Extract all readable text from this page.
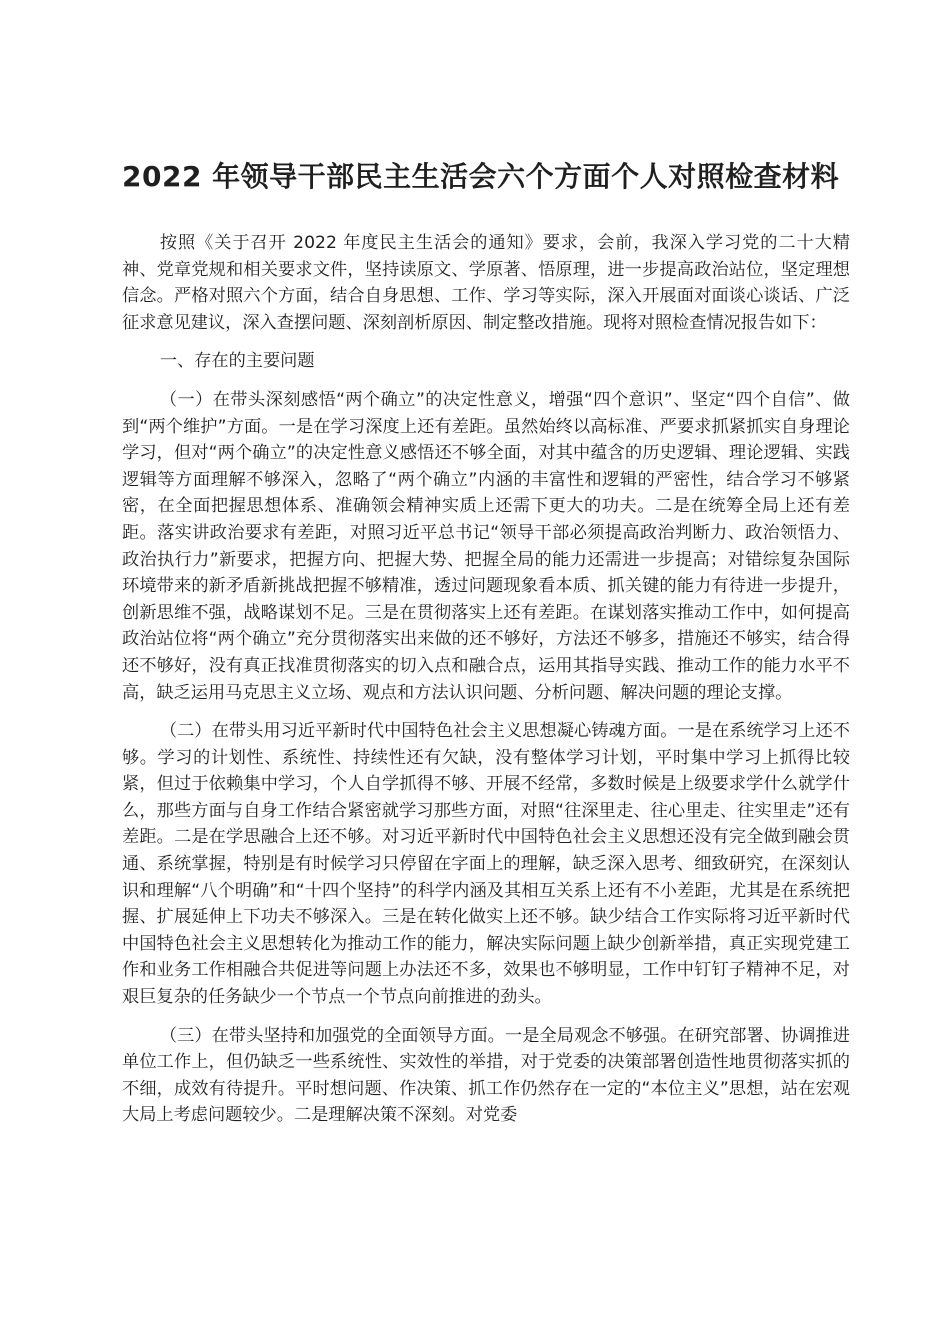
2022 年领导干部民主生活会六个方面个人对照检查材料

按照《关于召开 2022 年度民主生活会的通知》要求，会前，我深入学习党的二十大精神、党章党规和相关要求文件，坚持读原文、学原著、悟原理，进一步提高政治站位，坚定理想信念。严格对照六个方面，结合自身思想、工作、学习等实际，深入开展面对面谈心谈话、广泛征求意见建议，深入查摆问题、深刻剖析原因、制定整改措施。现将对照检查情况报告如下：

一、存在的主要问题

（一）在带头深刻感悟“两个确立”的决定性意义，增强“四个意识”、坚定“四个自信”、做到“两个维护”方面。一是在学习深度上还有差距。虽然始终以高标准、严要求抓紧抓实自身理论学习，但对“两个确立”的决定性意义感悟还不够全面，对其中蕴含的历史逻辑、理论逻辑、实践逻辑等方面理解不够深入，忽略了“两个确立”内涵的丰富性和逻辑的严密性，结合学习不够紧密，在全面把握思想体系、准确领会精神实质上还需下更大的功夫。二是在统筹全局上还有差距。落实讲政治要求有差距，对照习近平总书记“领导干部必须提高政治判断力、政治领悟力、政治执行力”新要求，把握方向、把握大势、把握全局的能力还需进一步提高；对错综复杂国际环境带来的新矛盾新挑战把握不够精准，透过问题现象看本质、抓关键的能力有待进一步提升，创新思维不强，战略谋划不足。三是在贯彻落实上还有差距。在谋划落实推动工作中，如何提高政治站位将“两个确立”充分贯彻落实出来做的还不够好，方法还不够多，措施还不够实，结合得还不够好，没有真正找准贯彻落实的切入点和融合点，运用其指导实践、推动工作的能力水平不高，缺乏运用马克思主义立场、观点和方法认识问题、分析问题、解决问题的理论支撑。

（二）在带头用习近平新时代中国特色社会主义思想凝心铸魂方面。一是在系统学习上还不够。学习的计划性、系统性、持续性还有欠缺，没有整体学习计划，平时集中学习上抓得比较紧，但过于依赖集中学习，个人自学抓得不够、开展不经常，多数时候是上级要求学什么就学什么，那些方面与自身工作结合紧密就学习那些方面，对照“往深里走、往心里走、往实里走”还有差距。二是在学思融合上还不够。对习近平新时代中国特色社会主义思想还没有完全做到融会贯通、系统掌握，特别是有时候学习只停留在字面上的理解，缺乏深入思考、细致研究，在深刻认识和理解“八个明确”和“十四个坚持”的科学内涵及其相互关系上还有不小差距，尤其是在系统把握、扩展延伸上下功夫不够深入。三是在转化做实上还不够。缺少结合工作实际将习近平新时代中国特色社会主义思想转化为推动工作的能力，解决实际问题上缺少创新举措，真正实现党建工作和业务工作相融合共促进等问题上办法还不多，效果也不够明显，工作中钉钉子精神不足，对艰巨复杂的任务缺少一个节点一个节点向前推进的劲头。

（三）在带头坚持和加强党的全面领导方面。一是全局观念不够强。在研究部署、协调推进单位工作上，但仍缺乏一些系统性、实效性的举措，对于党委的决策部署创造性地贯彻落实抓的不细，成效有待提升。平时想问题、作决策、抓工作仍然存在一定的“本位主义”思想，站在宏观大局上考虑问题较少。二是理解决策不深刻。对党委
